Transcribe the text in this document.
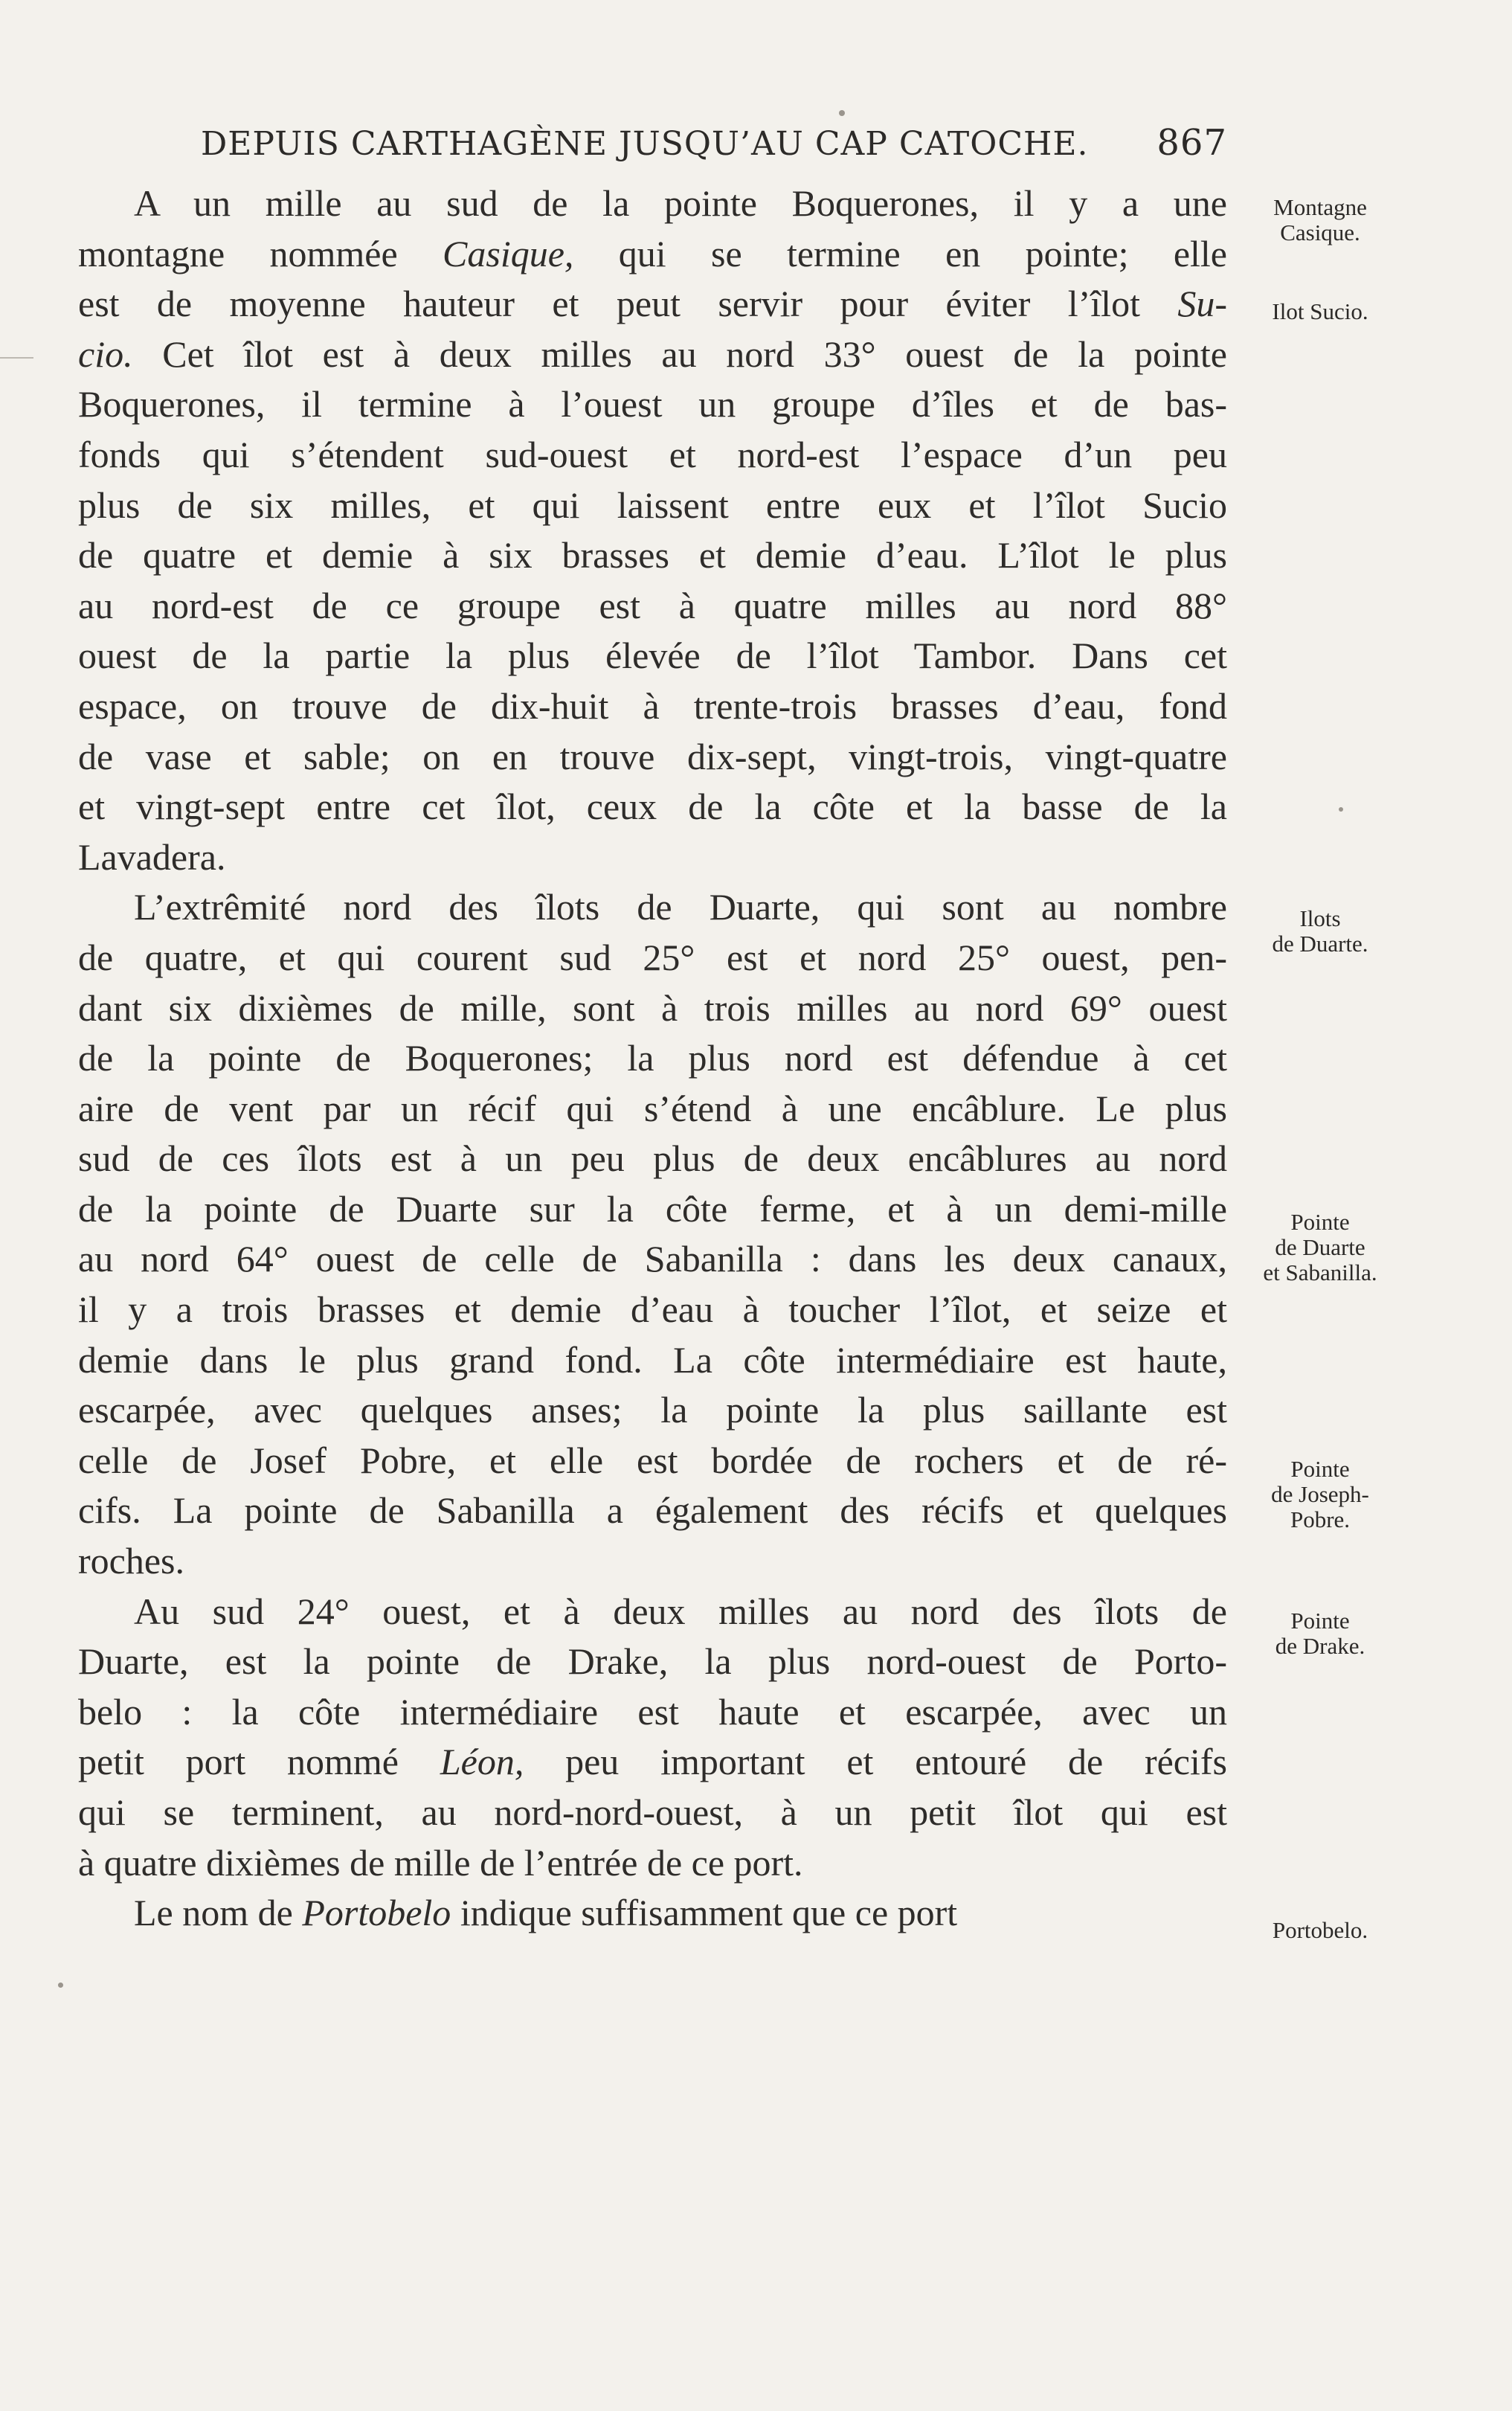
DEPUIS CARTHAGÈNE JUSQU’AU CAP CATOCHE. 867

A un mille au sud de la pointe Boquerones, il y a une
montagne nommée Casique, qui se termine en pointe; elle
est de moyenne hauteur et peut servir pour éviter l’îlot Su-
cio. Cet îlot est à deux milles au nord 33° ouest de la pointe
Boquerones, il termine à l’ouest un groupe d’îles et de bas-
fonds qui s’étendent sud-ouest et nord-est l’espace d’un peu
plus de six milles, et qui laissent entre eux et l’îlot Sucio
de quatre et demie à six brasses et demie d’eau. L’îlot le plus
au nord-est de ce groupe est à quatre milles au nord 88°
ouest de la partie la plus élevée de l’îlot Tambor. Dans cet
espace, on trouve de dix-huit à trente-trois brasses d’eau, fond
de vase et sable; on en trouve dix-sept, vingt-trois, vingt-quatre
et vingt-sept entre cet îlot, ceux de la côte et la basse de la
Lavadera.

L’extrêmité nord des îlots de Duarte, qui sont au nombre
de quatre, et qui courent sud 25° est et nord 25° ouest, pen-
dant six dixièmes de mille, sont à trois milles au nord 69° ouest
de la pointe de Boquerones; la plus nord est défendue à cet
aire de vent par un récif qui s’étend à une encâblure. Le plus
sud de ces îlots est à un peu plus de deux encâblures au nord
de la pointe de Duarte sur la côte ferme, et à un demi-mille
au nord 64° ouest de celle de Sabanilla : dans les deux canaux,
il y a trois brasses et demie d’eau à toucher l’îlot, et seize et
demie dans le plus grand fond. La côte intermédiaire est haute,
escarpée, avec quelques anses; la pointe la plus saillante est
celle de Josef Pobre, et elle est bordée de rochers et de ré-
cifs. La pointe de Sabanilla a également des récifs et quelques
roches.

Au sud 24° ouest, et à deux milles au nord des îlots de
Duarte, est la pointe de Drake, la plus nord-ouest de Porto-
belo : la côte intermédiaire est haute et escarpée, avec un
petit port nommé Léon, peu important et entouré de récifs
qui se terminent, au nord-nord-ouest, à un petit îlot qui est
à quatre dixièmes de mille de l’entrée de ce port.

Le nom de Portobelo indique suffisamment que ce port

Montagne
Casique.
Ilot Sucio.
Ilots
de Duarte.
Pointe
de Duarte
et Sabanilla.
Pointe
de Joseph-
Pobre.
Pointe
de Drake.
Portobelo.
